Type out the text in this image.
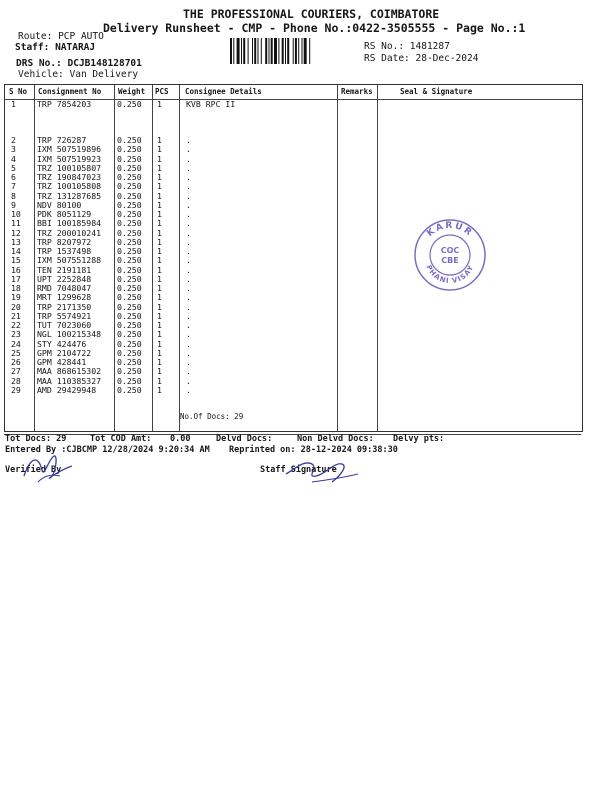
THE PROFESSIONAL COURIERS, COIMBATORE
Delivery Runsheet - CMP - Phone No.:0422-3505555 - Page No.:1
Route: PCP AUTO
Staff: NATARAJ
DRS No.: DCJB148128701
Vehicle: Van Delivery
RS No.: 1481287
RS Date: 28-Dec-2024
S No Consignment No Weight PCS Consignee Details	Remarks	Seal & Signature
1	TRP 7854203	0.250 1	KVB RPC II
2	TRP 726287	0.250 1	.
3	IXM 507519896 0.250 1	.
4	IXM 507519923 0.250 1	.
5	TRZ 100105807 0.250 1	.
6	TRZ 190847023 0.250 1	.
7	TRZ 100105808 0.250 1	.
8	TRZ 131287685 0.250 1	.
9	NDV 80100	0.250 1	.
10 PDK 8051129	0.250 1	.
11 BBI 100185984 0.250 1	.
12 TRZ 200010241 0.250 1	.
13 TRP 8207972	0.250 1	.
14 TRP 1537498	0.250 1	.
15 IXM 507551288 0.250 1	.
16 TEN 2191181	0.250 1	.
17 UPT 2252848	0.250 1	.
18 RMD 7048047	0.250 1	.
19 MRT 1299628	0.250 1	.
20 TRP 2171350	0.250 1	.
21 TRP 5574921	0.250 1	.
22 TUT 7023060	0.250 1	.
23 NGL 100215348 0.250 1	.
24 STY 424476	0.250 1	.
25 GPM 2104722	0.250 1	.
26 GPM 428441	0.250 1	.
27 MAA 868615302 0.250 1	.
28 MAA 110385327 0.250 1	.
29 AMD 29429948	0.250 1	.
No.Of Docs: 29
Tot Docs: 29	Tot COD Amt: 0.00	Delvd Docs:	Non Delvd Docs: Delvy pts:
Entered By :CJBCMP 12/28/2024 9:20:34 AM Reprinted on: 28-12-2024 09:38:30
Verified By	Staff Signature
KARUR
PHANI VISAY
COC
CBE
